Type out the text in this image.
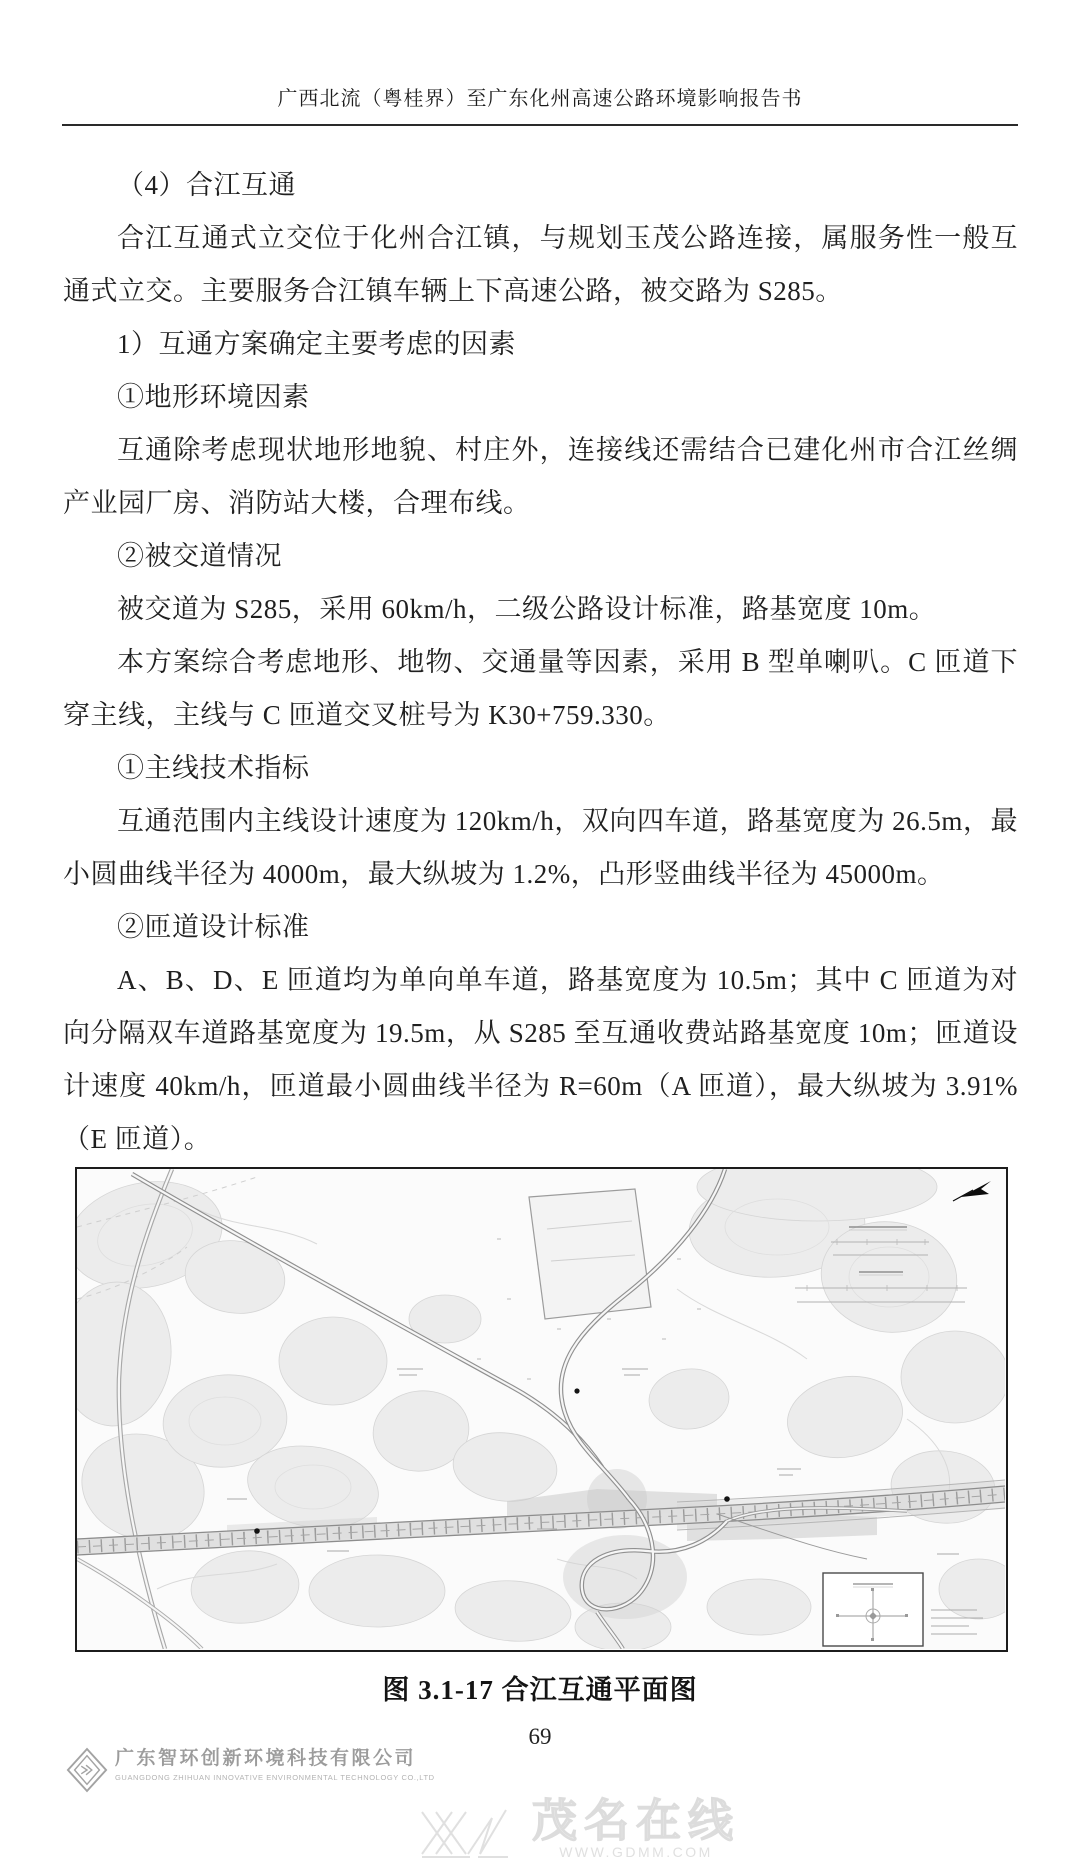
广西北流（粤桂界）至广东化州高速公路环境影响报告书

（4）合江互通

合江互通式立交位于化州合江镇，与规划玉茂公路连接，属服务性一般互通式立交。主要服务合江镇车辆上下高速公路，被交路为 S285。

1）互通方案确定主要考虑的因素

①地形环境因素

互通除考虑现状地形地貌、村庄外，连接线还需结合已建化州市合江丝绸产业园厂房、消防站大楼，合理布线。

②被交道情况

被交道为 S285，采用 60km/h，二级公路设计标准，路基宽度 10m。

本方案综合考虑地形、地物、交通量等因素，采用 B 型单喇叭。C 匝道下穿主线，主线与 C 匝道交叉桩号为 K30+759.330。

①主线技术指标

互通范围内主线设计速度为 120km/h，双向四车道，路基宽度为 26.5m，最小圆曲线半径为 4000m，最大纵坡为 1.2%，凸形竖曲线半径为 45000m。

②匝道设计标准

A、B、D、E 匝道均为单向单车道，路基宽度为 10.5m；其中 C 匝道为对向分隔双车道路基宽度为 19.5m，从 S285 至互通收费站路基宽度 10m；匝道设计速度 40km/h，匝道最小圆曲线半径为 R=60m（A 匝道），最大纵坡为 3.91%（E 匝道）。

图 3.1-17 合江互通平面图
69
广东智环创新环境科技有限公司
GUANGDONG ZHIHUAN INNOVATIVE ENVIRONMENTAL TECHNOLOGY CO.,LTD
茂名在线
WWW.GDMM.COM
